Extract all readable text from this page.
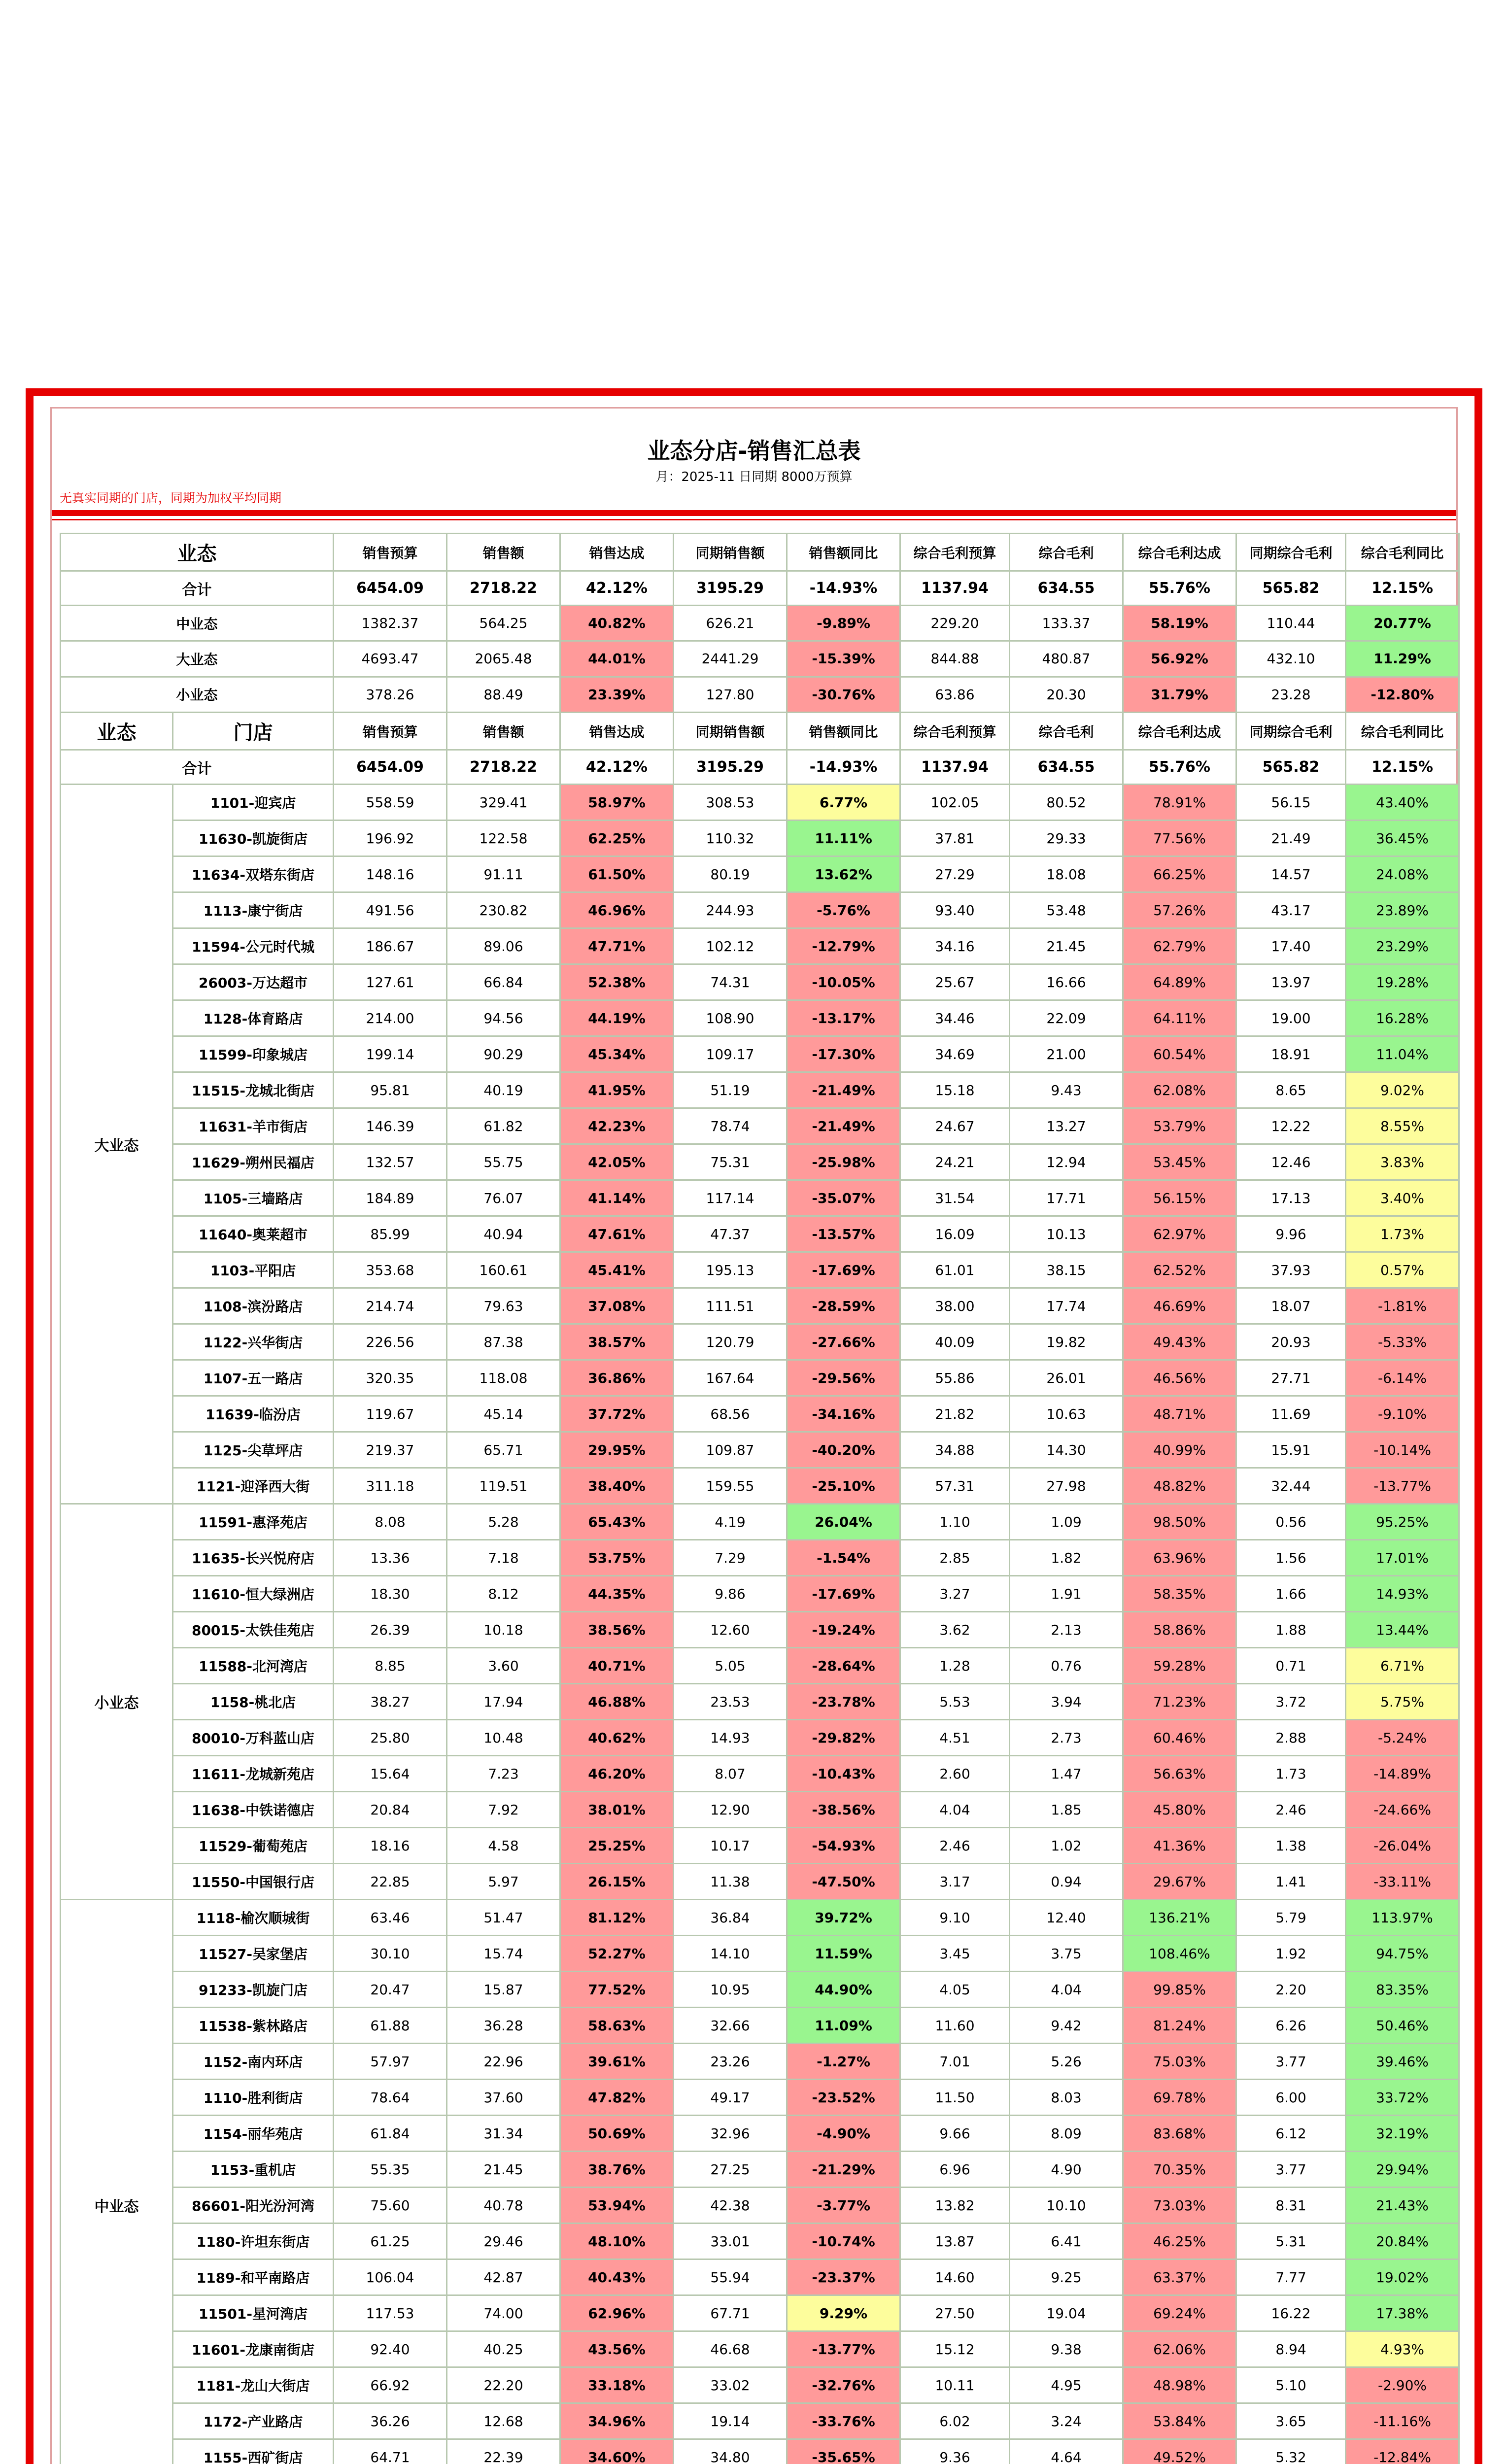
业态分店-销售汇总表
月：2025-11 日同期 8000万预算
无真实同期的门店，同期为加权平均同期
业态	销售预算	销售额	销售达成	同期销售额	销售额同比	综合毛利预算	综合毛利	综合毛利达成	同期综合毛利	综合毛利同比
合计	6454.09	2718.22	42.12%	3195.29	-14.93%	1137.94	634.55	55.76%	565.82	12.15%
中业态	1382.37	564.25	40.82%	626.21	-9.89%	229.20	133.37	58.19%	110.44	20.77%
大业态	4693.47	2065.48	44.01%	2441.29	-15.39%	844.88	480.87	56.92%	432.10	11.29%
小业态	378.26	88.49	23.39%	127.80	-30.76%	63.86	20.30	31.79%	23.28	-12.80%
业态	门店	销售预算	销售额	销售达成	同期销售额	销售额同比	综合毛利预算	综合毛利	综合毛利达成	同期综合毛利	综合毛利同比
合计		6454.09	2718.22	42.12%	3195.29	-14.93%	1137.94	634.55	55.76%	565.82	12.15%
大业态	1101-迎宾店	558.59	329.41	58.97%	308.53	6.77%	102.05	80.52	78.91%	56.15	43.40%
	11630-凯旋街店	196.92	122.58	62.25%	110.32	11.11%	37.81	29.33	77.56%	21.49	36.45%
	11634-双塔东街店	148.16	91.11	61.50%	80.19	13.62%	27.29	18.08	66.25%	14.57	24.08%
	1113-康宁街店	491.56	230.82	46.96%	244.93	-5.76%	93.40	53.48	57.26%	43.17	23.89%
	11594-公元时代城	186.67	89.06	47.71%	102.12	-12.79%	34.16	21.45	62.79%	17.40	23.29%
	26003-万达超市	127.61	66.84	52.38%	74.31	-10.05%	25.67	16.66	64.89%	13.97	19.28%
	1128-体育路店	214.00	94.56	44.19%	108.90	-13.17%	34.46	22.09	64.11%	19.00	16.28%
	11599-印象城店	199.14	90.29	45.34%	109.17	-17.30%	34.69	21.00	60.54%	18.91	11.04%
	11515-龙城北街店	95.81	40.19	41.95%	51.19	-21.49%	15.18	9.43	62.08%	8.65	9.02%
	11631-羊市街店	146.39	61.82	42.23%	78.74	-21.49%	24.67	13.27	53.79%	12.22	8.55%
	11629-朔州民福店	132.57	55.75	42.05%	75.31	-25.98%	24.21	12.94	53.45%	12.46	3.83%
	1105-三墙路店	184.89	76.07	41.14%	117.14	-35.07%	31.54	17.71	56.15%	17.13	3.40%
	11640-奥莱超市	85.99	40.94	47.61%	47.37	-13.57%	16.09	10.13	62.97%	9.96	1.73%
	1103-平阳店	353.68	160.61	45.41%	195.13	-17.69%	61.01	38.15	62.52%	37.93	0.57%
	1108-滨汾路店	214.74	79.63	37.08%	111.51	-28.59%	38.00	17.74	46.69%	18.07	-1.81%
	1122-兴华街店	226.56	87.38	38.57%	120.79	-27.66%	40.09	19.82	49.43%	20.93	-5.33%
	1107-五一路店	320.35	118.08	36.86%	167.64	-29.56%	55.86	26.01	46.56%	27.71	-6.14%
	11639-临汾店	119.67	45.14	37.72%	68.56	-34.16%	21.82	10.63	48.71%	11.69	-9.10%
	1125-尖草坪店	219.37	65.71	29.95%	109.87	-40.20%	34.88	14.30	40.99%	15.91	-10.14%
	1121-迎泽西大街	311.18	119.51	38.40%	159.55	-25.10%	57.31	27.98	48.82%	32.44	-13.77%
小业态	11591-惠泽苑店	8.08	5.28	65.43%	4.19	26.04%	1.10	1.09	98.50%	0.56	95.25%
	11635-长兴悦府店	13.36	7.18	53.75%	7.29	-1.54%	2.85	1.82	63.96%	1.56	17.01%
	11610-恒大绿洲店	18.30	8.12	44.35%	9.86	-17.69%	3.27	1.91	58.35%	1.66	14.93%
	80015-太铁佳苑店	26.39	10.18	38.56%	12.60	-19.24%	3.62	2.13	58.86%	1.88	13.44%
	11588-北河湾店	8.85	3.60	40.71%	5.05	-28.64%	1.28	0.76	59.28%	0.71	6.71%
	1158-桃北店	38.27	17.94	46.88%	23.53	-23.78%	5.53	3.94	71.23%	3.72	5.75%
	80010-万科蓝山店	25.80	10.48	40.62%	14.93	-29.82%	4.51	2.73	60.46%	2.88	-5.24%
	11611-龙城新苑店	15.64	7.23	46.20%	8.07	-10.43%	2.60	1.47	56.63%	1.73	-14.89%
	11638-中铁诺德店	20.84	7.92	38.01%	12.90	-38.56%	4.04	1.85	45.80%	2.46	-24.66%
	11529-葡萄苑店	18.16	4.58	25.25%	10.17	-54.93%	2.46	1.02	41.36%	1.38	-26.04%
	11550-中国银行店	22.85	5.97	26.15%	11.38	-47.50%	3.17	0.94	29.67%	1.41	-33.11%
中业态	1118-榆次顺城街	63.46	51.47	81.12%	36.84	39.72%	9.10	12.40	136.21%	5.79	113.97%
	11527-吴家堡店	30.10	15.74	52.27%	14.10	11.59%	3.45	3.75	108.46%	1.92	94.75%
	91233-凯旋门店	20.47	15.87	77.52%	10.95	44.90%	4.05	4.04	99.85%	2.20	83.35%
	11538-紫林路店	61.88	36.28	58.63%	32.66	11.09%	11.60	9.42	81.24%	6.26	50.46%
	1152-南内环店	57.97	22.96	39.61%	23.26	-1.27%	7.01	5.26	75.03%	3.77	39.46%
	1110-胜利街店	78.64	37.60	47.82%	49.17	-23.52%	11.50	8.03	69.78%	6.00	33.72%
	1154-丽华苑店	61.84	31.34	50.69%	32.96	-4.90%	9.66	8.09	83.68%	6.12	32.19%
	1153-重机店	55.35	21.45	38.76%	27.25	-21.29%	6.96	4.90	70.35%	3.77	29.94%
	86601-阳光汾河湾	75.60	40.78	53.94%	42.38	-3.77%	13.82	10.10	73.03%	8.31	21.43%
	1180-许坦东街店	61.25	29.46	48.10%	33.01	-10.74%	13.87	6.41	46.25%	5.31	20.84%
	1189-和平南路店	106.04	42.87	40.43%	55.94	-23.37%	14.60	9.25	63.37%	7.77	19.02%
	11501-星河湾店	117.53	74.00	62.96%	67.71	9.29%	27.50	19.04	69.24%	16.22	17.38%
	11601-龙康南街店	92.40	40.25	43.56%	46.68	-13.77%	15.12	9.38	62.06%	8.94	4.93%
	1181-龙山大街店	66.92	22.20	33.18%	33.02	-32.76%	10.11	4.95	48.98%	5.10	-2.90%
	1172-产业路店	36.26	12.68	34.96%	19.14	-33.76%	6.02	3.24	53.84%	3.65	-11.16%
	1155-西矿街店	64.71	22.39	34.60%	34.80	-35.65%	9.36	4.64	49.52%	5.32	-12.84%
